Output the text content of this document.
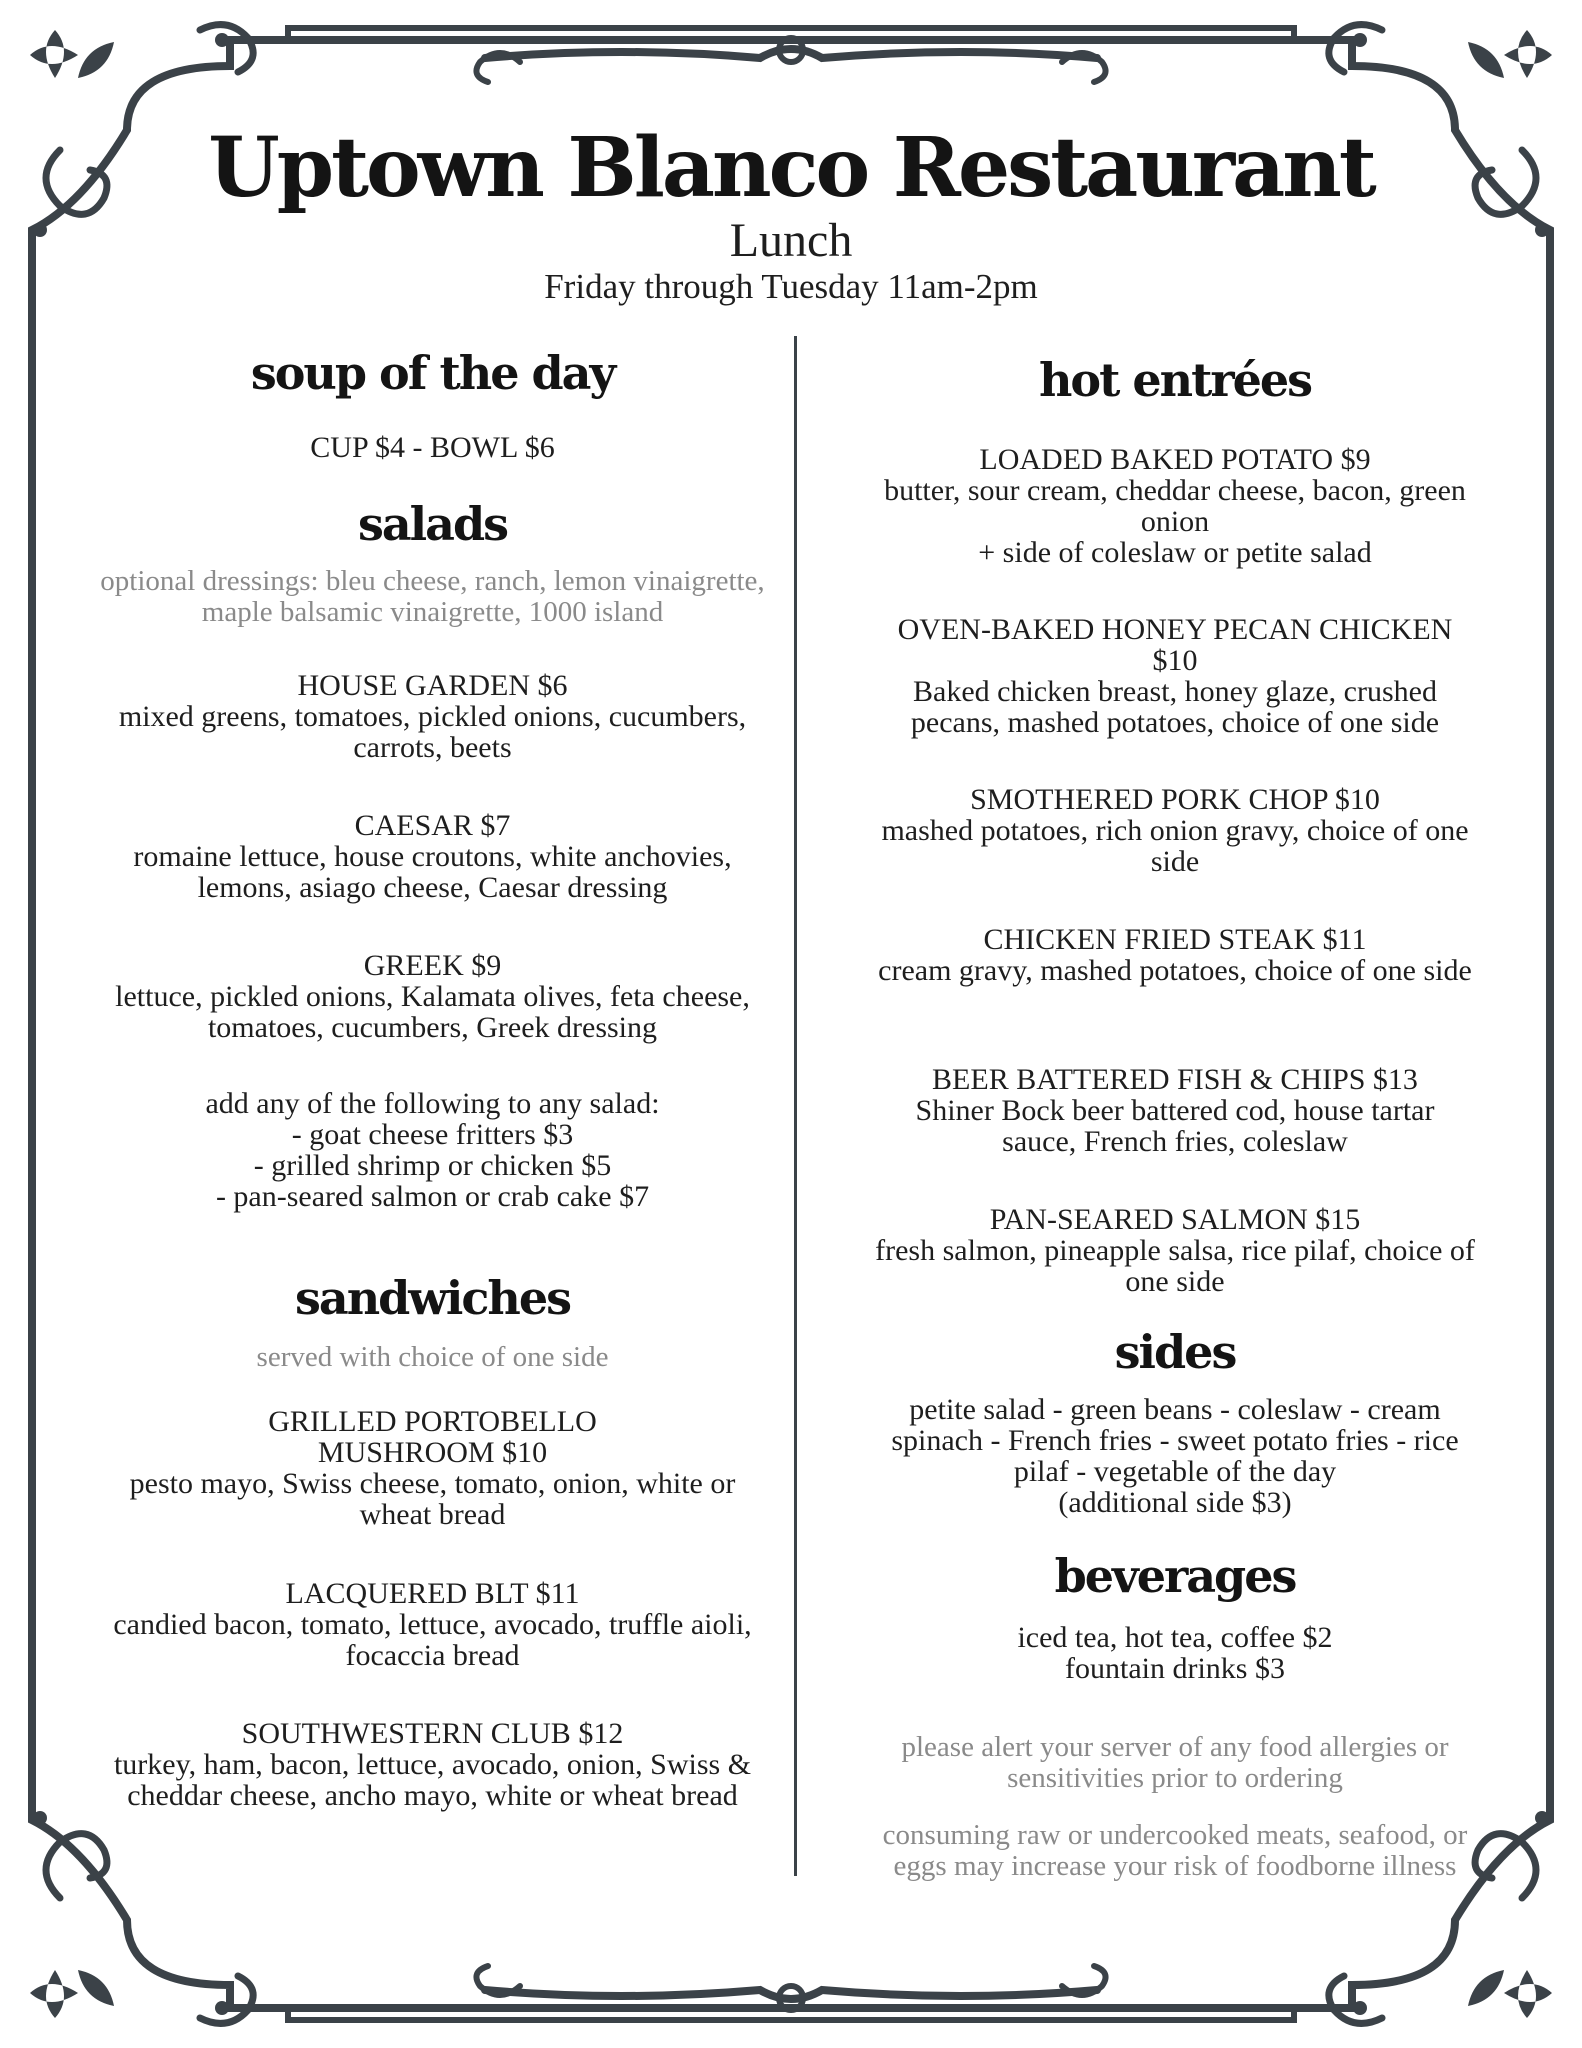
Uptown Blanco Restaurant
Lunch
Friday through Tuesday 11am-2pm
soup of the day
CUP $4 - BOWL $6
salads
optional dressings: bleu cheese, ranch, lemon vinaigrette, maple balsamic vinaigrette, 1000 island
HOUSE GARDEN $6
mixed greens, tomatoes, pickled onions, cucumbers, carrots, beets
CAESAR $7
romaine lettuce, house croutons, white anchovies, lemons, asiago cheese, Caesar dressing
GREEK $9
lettuce, pickled onions, Kalamata olives, feta cheese, tomatoes, cucumbers, Greek dressing
add any of the following to any salad:
- goat cheese fritters $3
- grilled shrimp or chicken $5
- pan-seared salmon or crab cake $7
sandwiches
served with choice of one side
GRILLED PORTOBELLO MUSHROOM $10
pesto mayo, Swiss cheese, tomato, onion, white or wheat bread
LACQUERED BLT $11
candied bacon, tomato, lettuce, avocado, truffle aioli, focaccia bread
SOUTHWESTERN CLUB $12
turkey, ham, bacon, lettuce, avocado, onion, Swiss & cheddar cheese, ancho mayo, white or wheat bread
hot entrées
LOADED BAKED POTATO $9
butter, sour cream, cheddar cheese, bacon, green onion
+ side of coleslaw or petite salad
OVEN-BAKED HONEY PECAN CHICKEN $10
Baked chicken breast, honey glaze, crushed pecans, mashed potatoes, choice of one side
SMOTHERED PORK CHOP $10
mashed potatoes, rich onion gravy, choice of one side
CHICKEN FRIED STEAK $11
cream gravy, mashed potatoes, choice of one side
BEER BATTERED FISH & CHIPS $13
Shiner Bock beer battered cod, house tartar sauce, French fries, coleslaw
PAN-SEARED SALMON $15
fresh salmon, pineapple salsa, rice pilaf, choice of one side
sides
petite salad - green beans - coleslaw - cream spinach - French fries - sweet potato fries - rice pilaf - vegetable of the day
(additional side $3)
beverages
iced tea, hot tea, coffee $2
fountain drinks $3
please alert your server of any food allergies or sensitivities prior to ordering
consuming raw or undercooked meats, seafood, or eggs may increase your risk of foodborne illness
